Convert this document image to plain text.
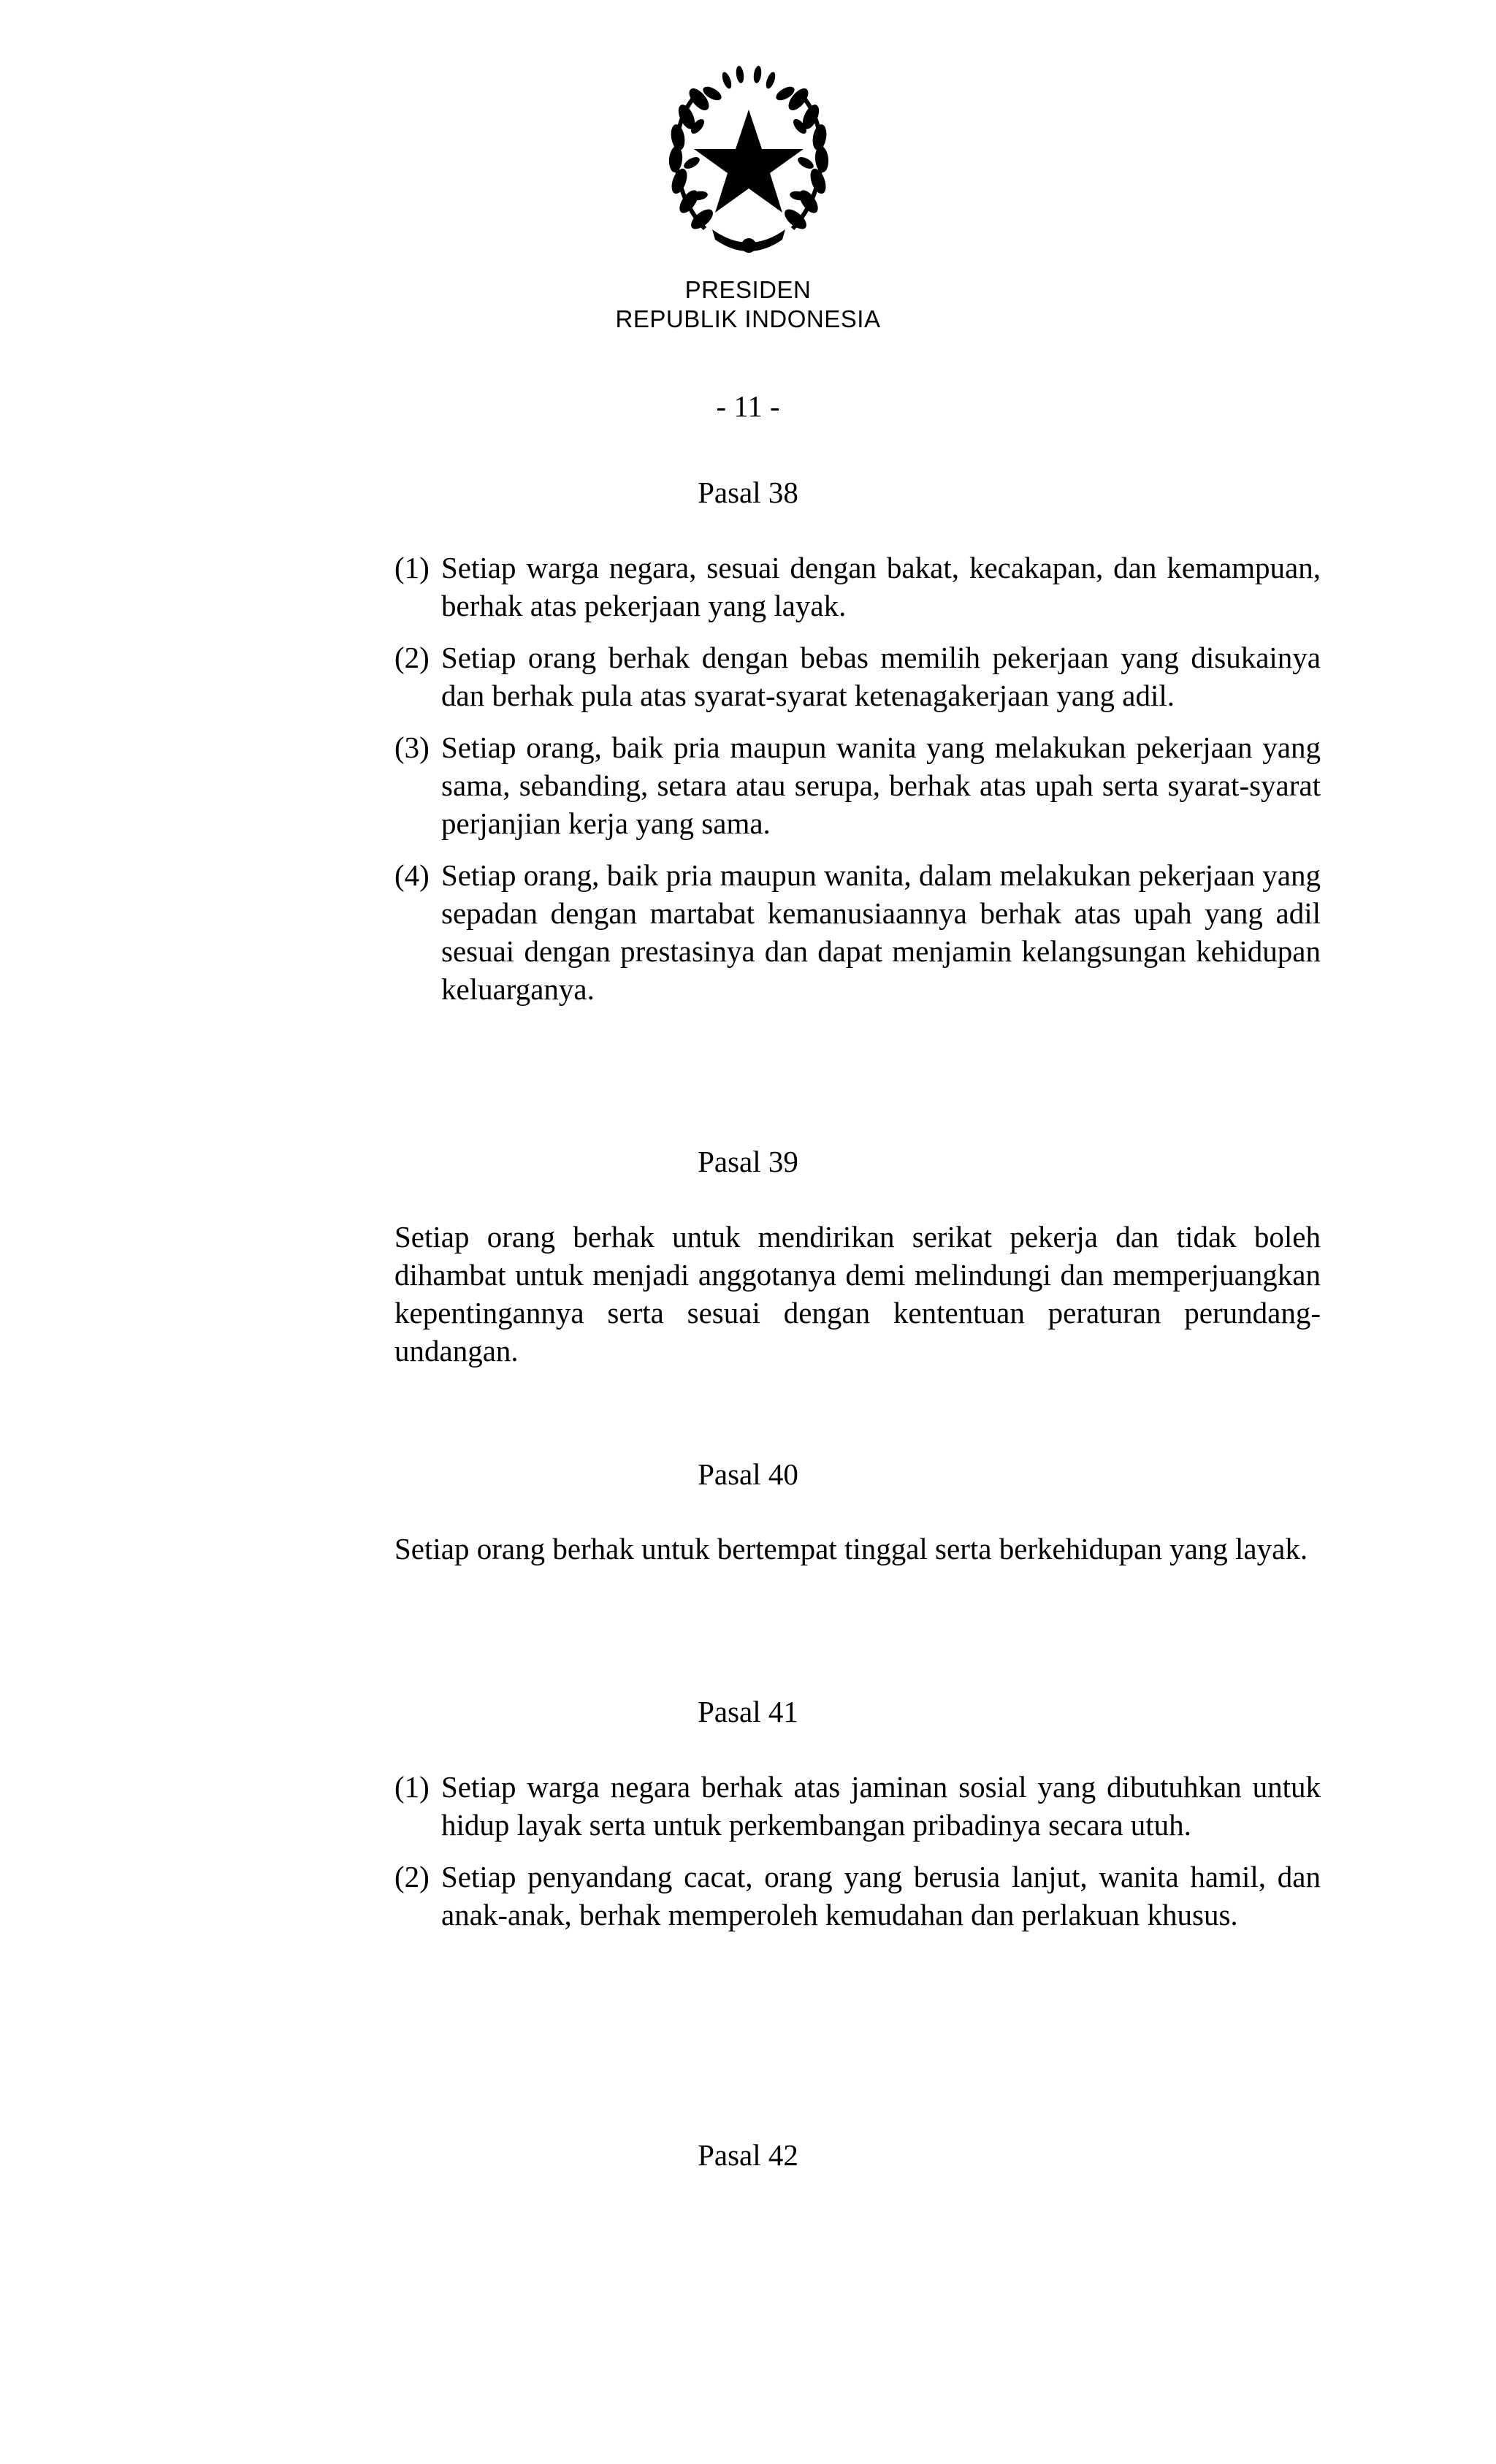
PRESIDEN
REPUBLIK INDONESIA
- 11 -
Pasal 38
(1) Setiap warga negara, sesuai dengan bakat, kecakapan, dan kemampuan, berhak atas pekerjaan yang layak.
(2) Setiap orang berhak dengan bebas memilih pekerjaan yang disukainya dan berhak pula atas syarat-syarat ketenagakerjaan yang adil.
(3) Setiap orang, baik pria maupun wanita yang melakukan pekerjaan yang sama, sebanding, setara atau serupa, berhak atas upah serta syarat-syarat perjanjian kerja yang sama.
(4) Setiap orang, baik pria maupun wanita, dalam melakukan pekerjaan yang sepadan dengan martabat kemanusiaannya berhak atas upah yang adil sesuai dengan prestasinya dan dapat menjamin kelangsungan kehidupan keluarganya.
Pasal 39
Setiap orang berhak untuk mendirikan serikat pekerja dan tidak boleh dihambat untuk menjadi anggotanya demi melindungi dan memperjuangkan kepentingannya serta sesuai dengan kententuan peraturan perundang-undangan.
Pasal 40
Setiap orang berhak untuk bertempat tinggal serta berkehidupan yang layak.
Pasal 41
(1) Setiap warga negara berhak atas jaminan sosial yang dibutuhkan untuk hidup layak serta untuk perkembangan pribadinya secara utuh.
(2) Setiap penyandang cacat, orang yang berusia lanjut, wanita hamil, dan anak-anak, berhak memperoleh kemudahan dan perlakuan khusus.
Pasal 42
